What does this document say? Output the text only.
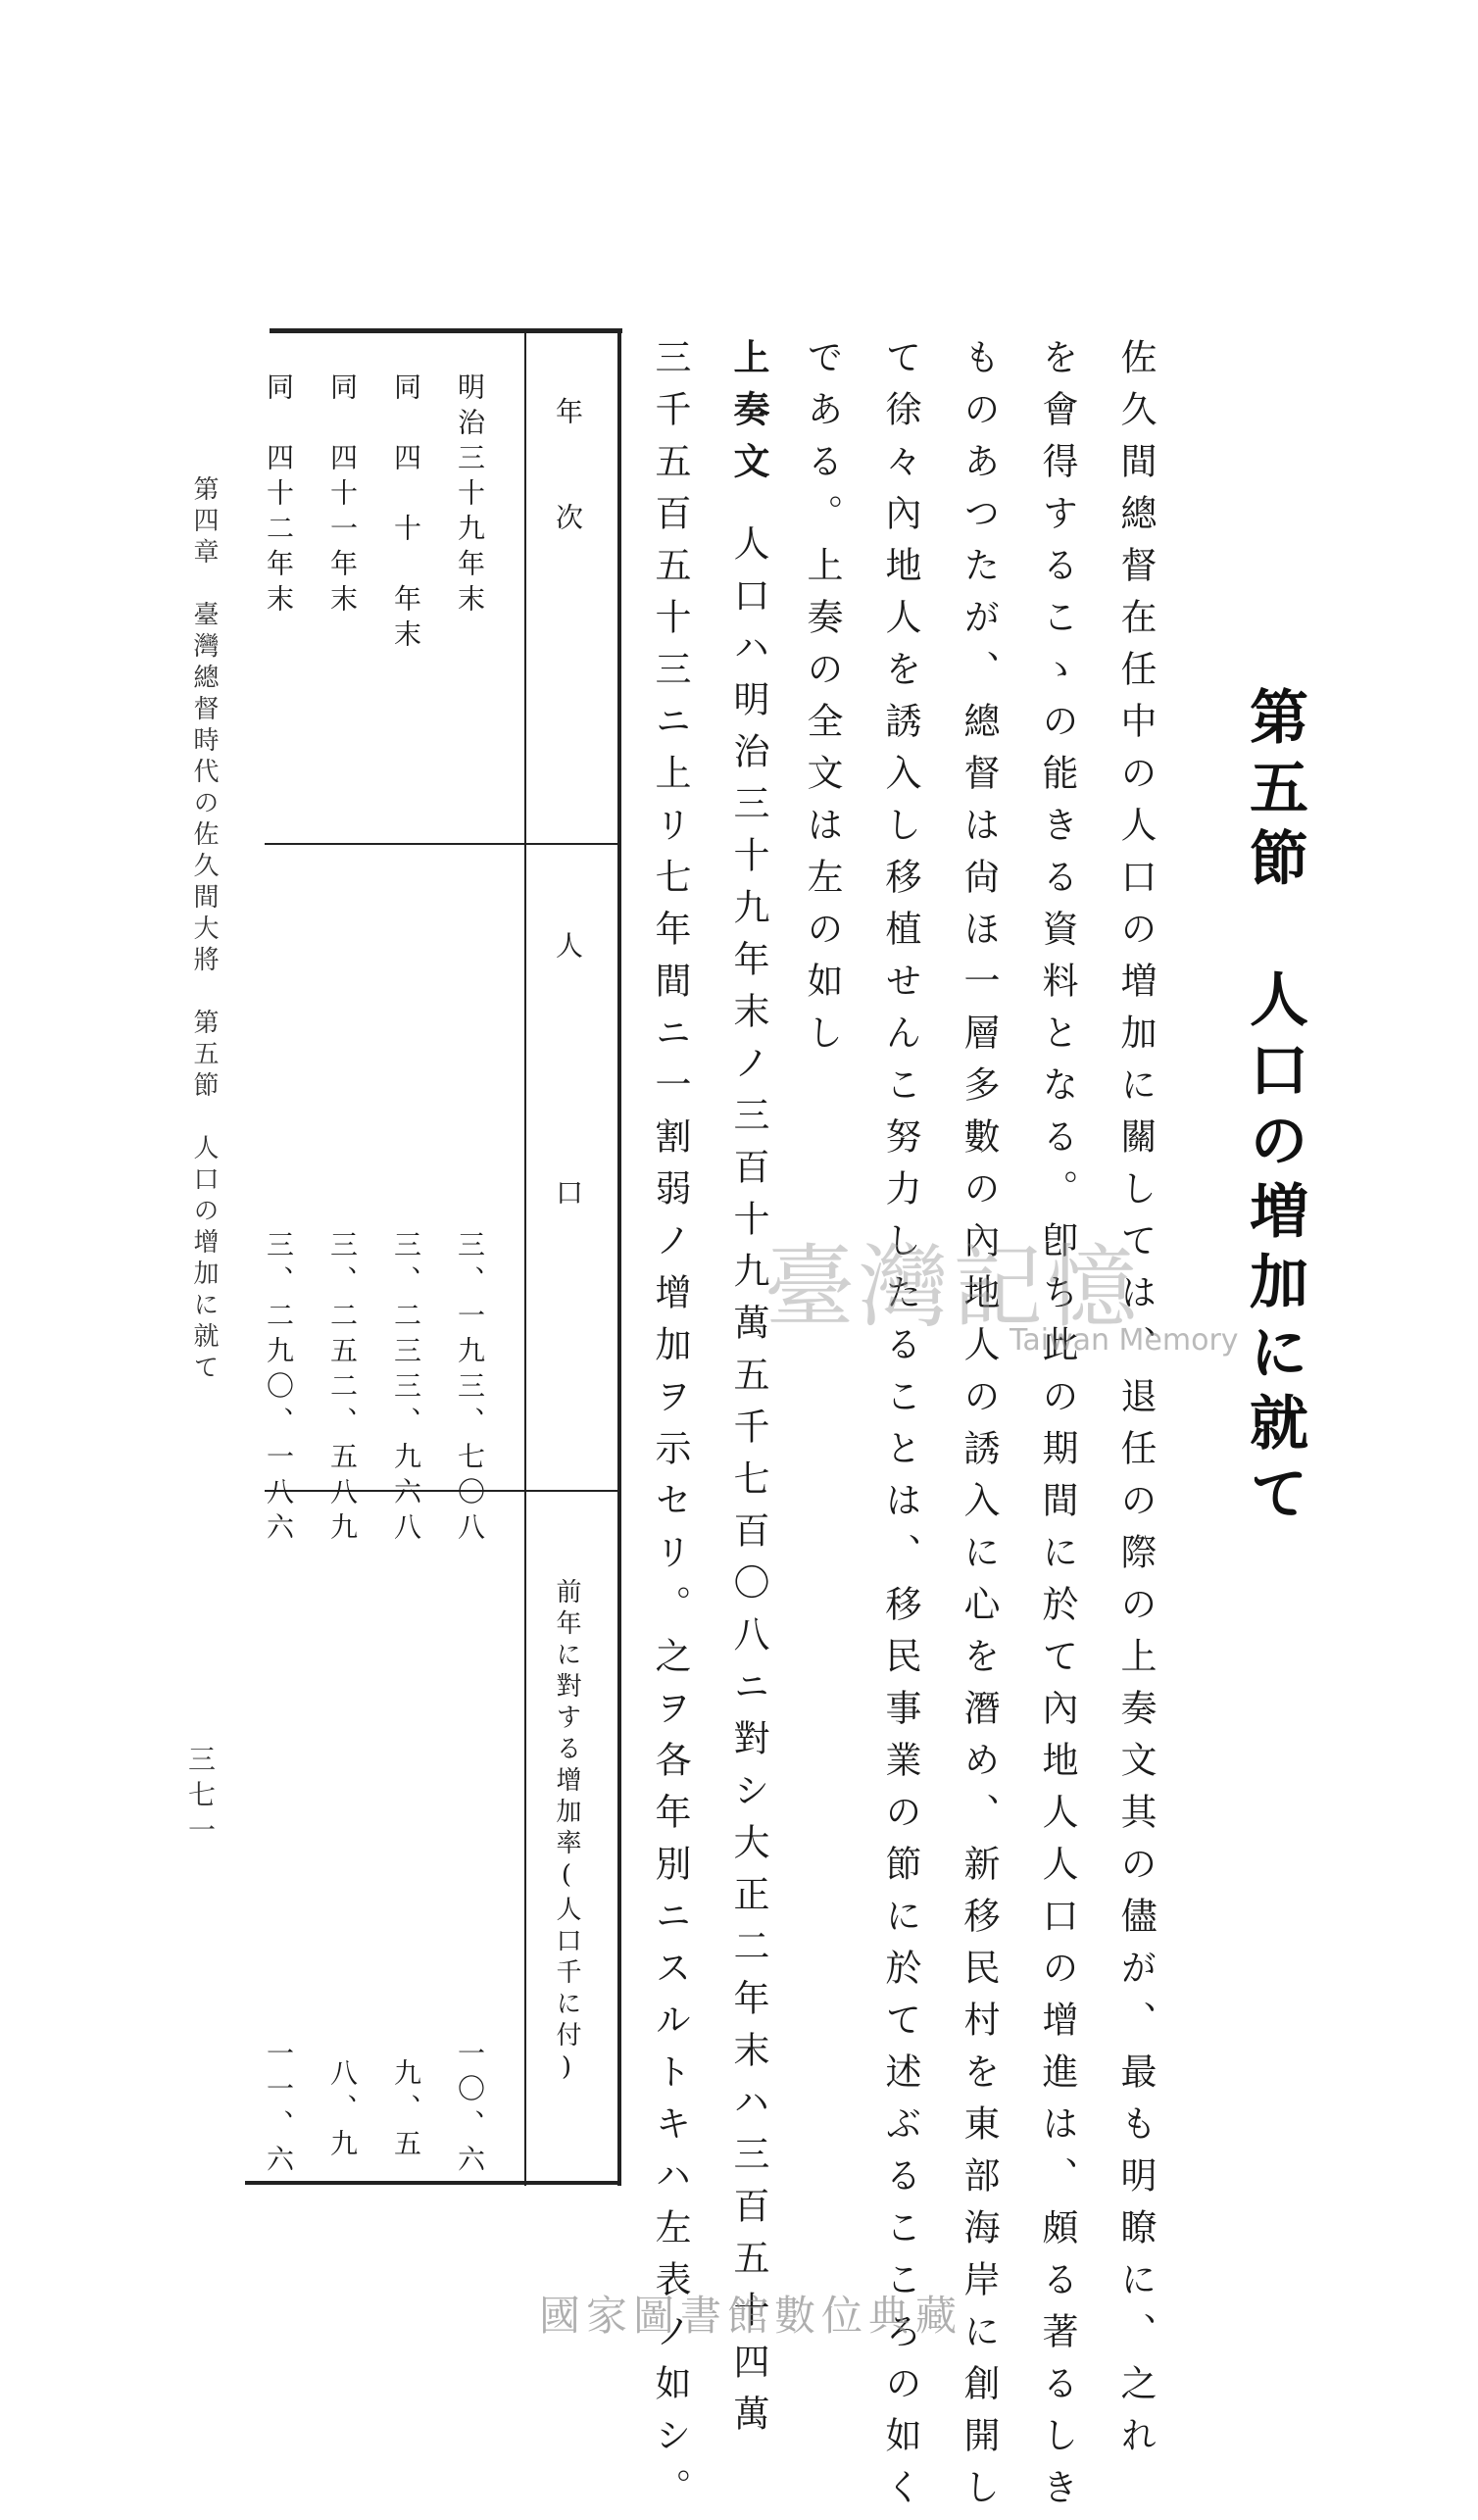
第五節　人口の増加に就て
佐久間總督在任中の人口の増加に關しては、退任の際の上奏文其の儘が、最も明瞭に、之れ
を會得するこゝの能きる資料となる。卽ち此の期間に於て內地人人口の增進は、頗る著るしき
ものあつたが、總督は尙ほ一層多數の內地人の誘入に心を潛め、新移民村を東部海岸に創開し
て徐々內地人を誘入し移植せんこ努力したることは、移民事業の節に於て述ぶるこころの如く
である。上奏の全文は左の如し
上奏文
人口ハ明治三十九年末ノ三百十九萬五千七百〇八ニ對シ大正二年末ハ三百五十四萬
三千五百五十三ニ上リ七年間ニ一割弱ノ增加ヲ示セリ。之ヲ各年別ニスルトキハ左表ノ如シ。
年　　次
人　　　　　　口
前年に對する增加率(人口千に付)
明治三十九年末
同　四　十　年末
同　四十一年末
同　四十二年末
三、一九三、七〇八
三、二三三、九六八
三、二五二、五八九
三、二九〇、一八六
一〇、六
九、五
八、九
一一、六
第四章　臺灣總督時代の佐久間大將　第五節　人口の增加に就て
三七一
臺灣記憶
Taiwan Memory
國家圖書館數位典藏
